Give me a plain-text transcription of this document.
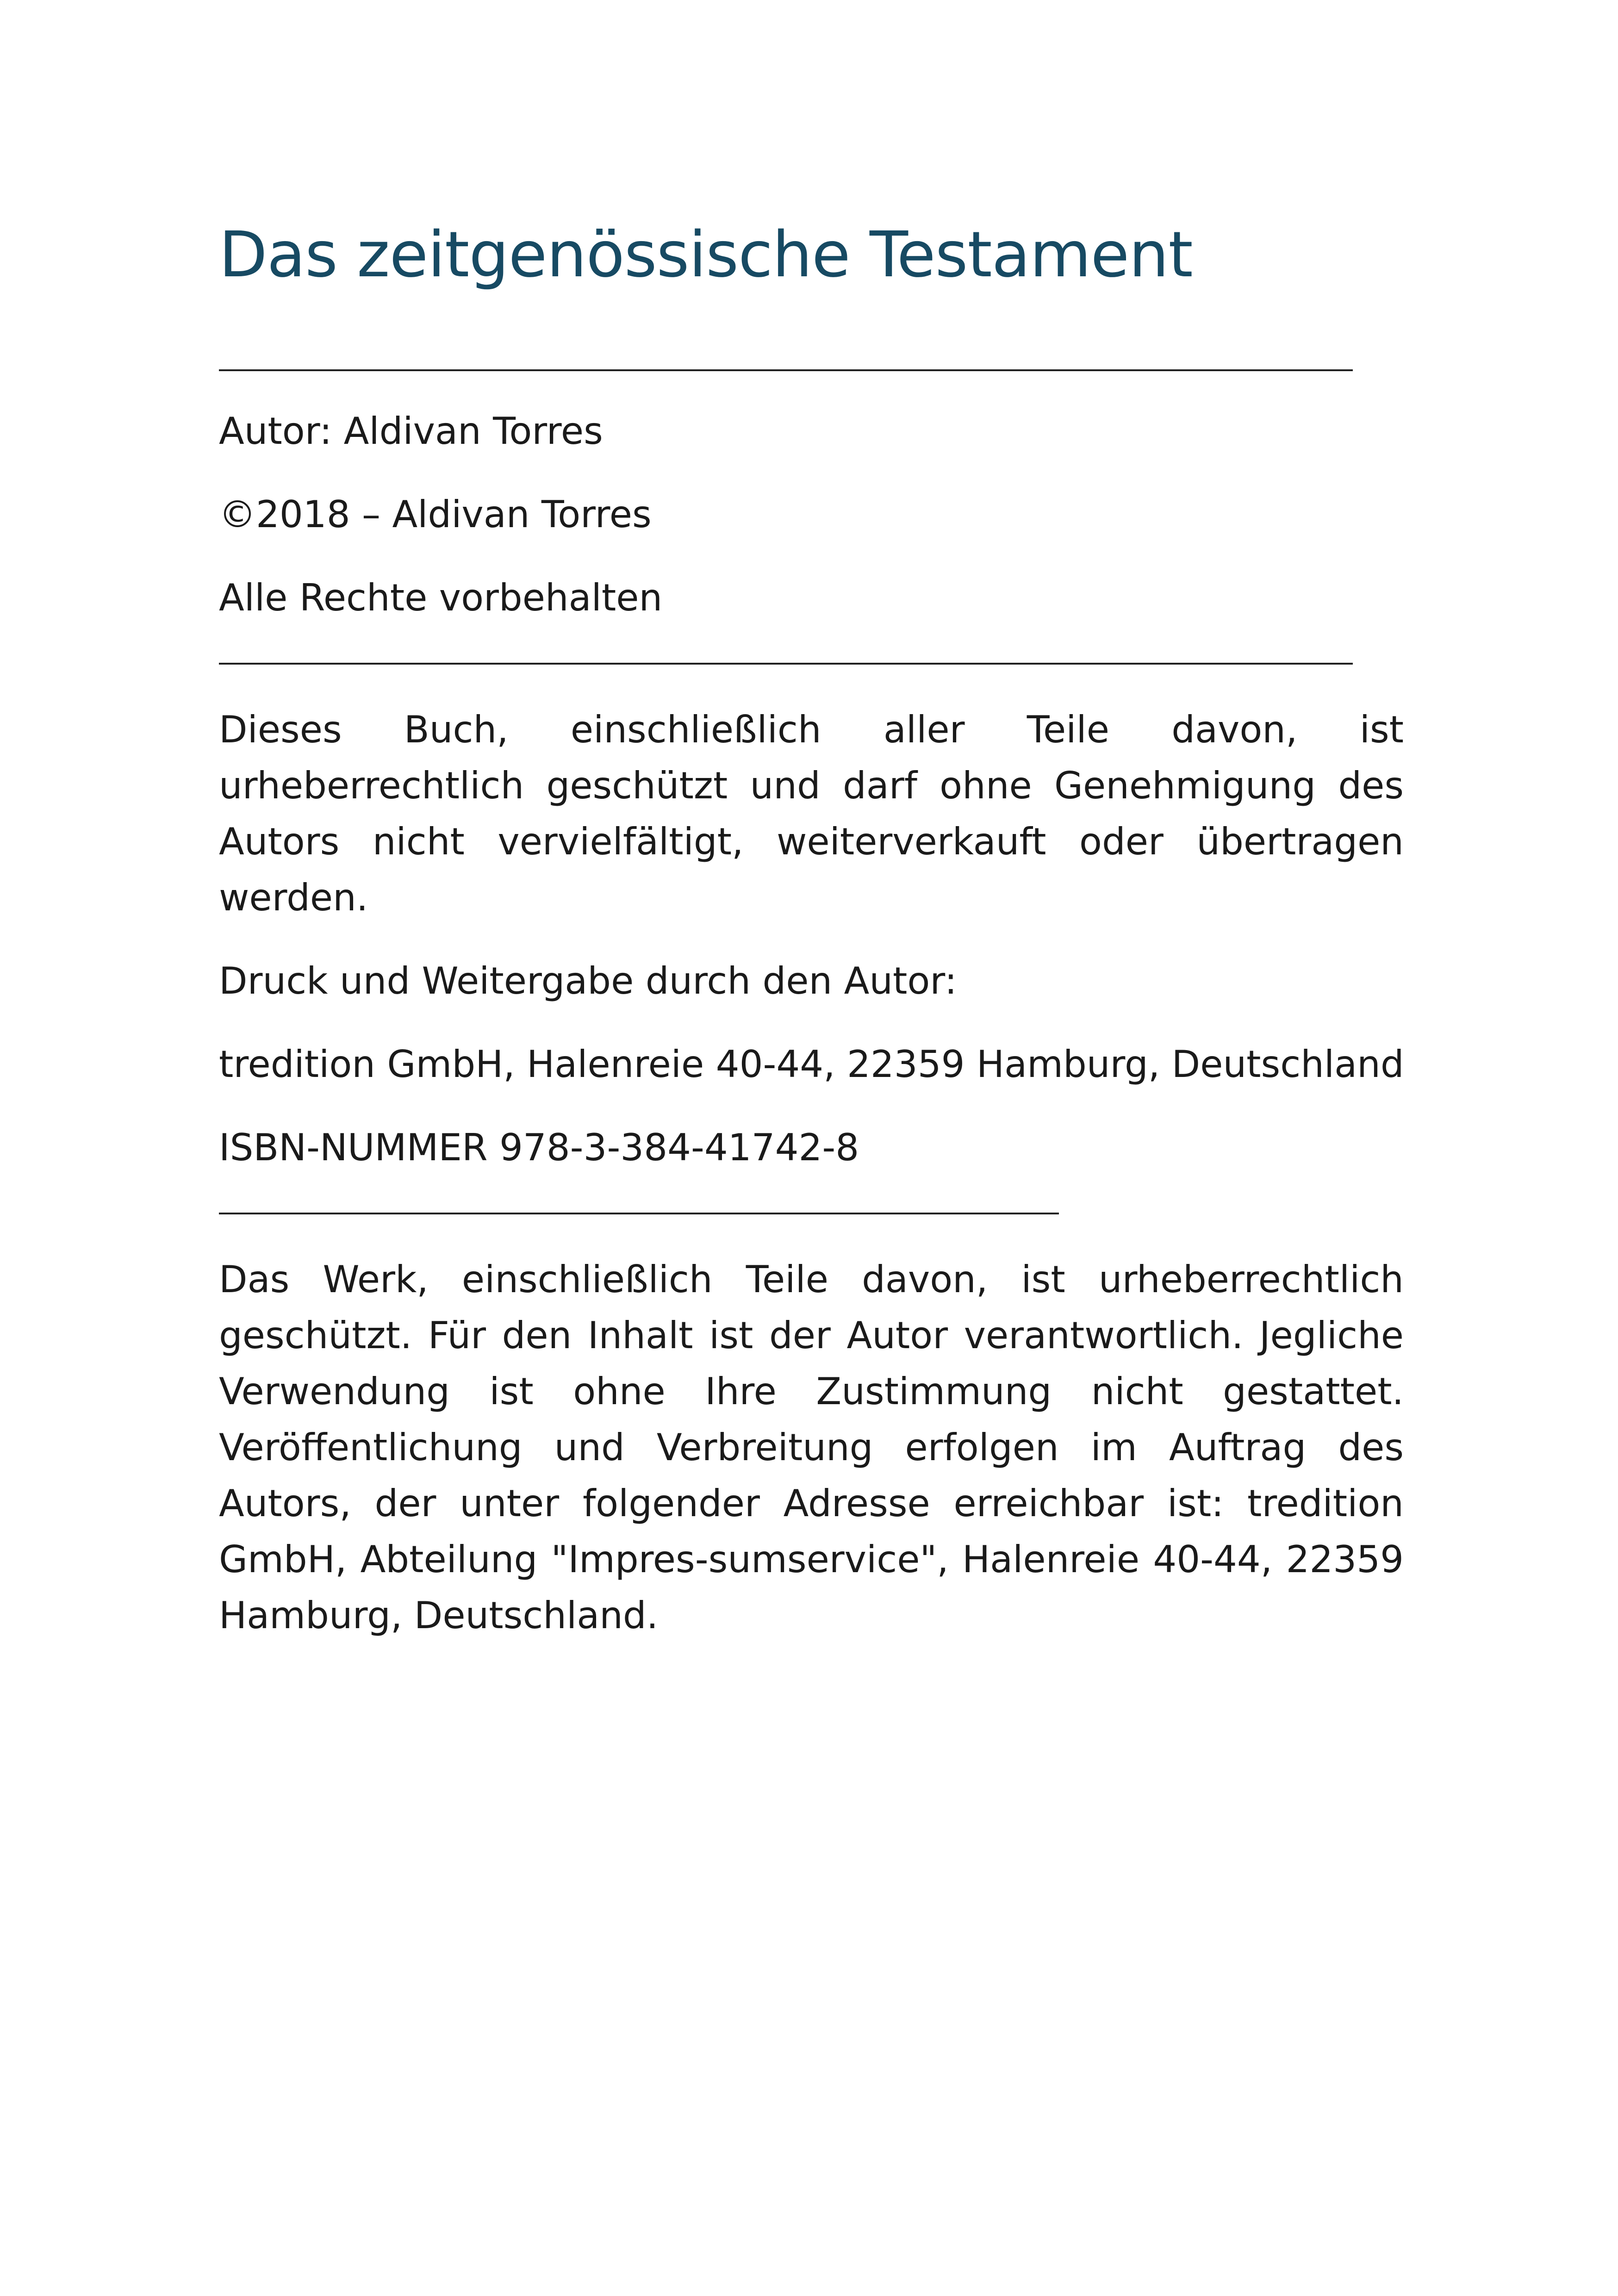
Das zeitgenössische Testament

Autor: Aldivan Torres

©2018 – Aldivan Torres

Alle Rechte vorbehalten

Dieses Buch, einschließlich aller Teile davon, ist urheberrechtlich geschützt und darf ohne Genehmigung des Autors nicht vervielfältigt, weiterverkauft oder übertragen werden.

Druck und Weitergabe durch den Autor:

tredition GmbH, Halenreie 40-44, 22359 Hamburg, Deutschland

ISBN-NUMMER 978-3-384-41742-8

Das Werk, einschließlich Teile davon, ist urheberrechtlich geschützt. Für den Inhalt ist der Autor verantwortlich. Jegliche Verwendung ist ohne Ihre Zustimmung nicht gestattet. Veröffentlichung und Verbreitung erfolgen im Auftrag des Autors, der unter folgender Adresse erreichbar ist: tredition GmbH, Abteilung "Impres-sumservice", Halenreie 40-44, 22359 Hamburg, Deutschland.
